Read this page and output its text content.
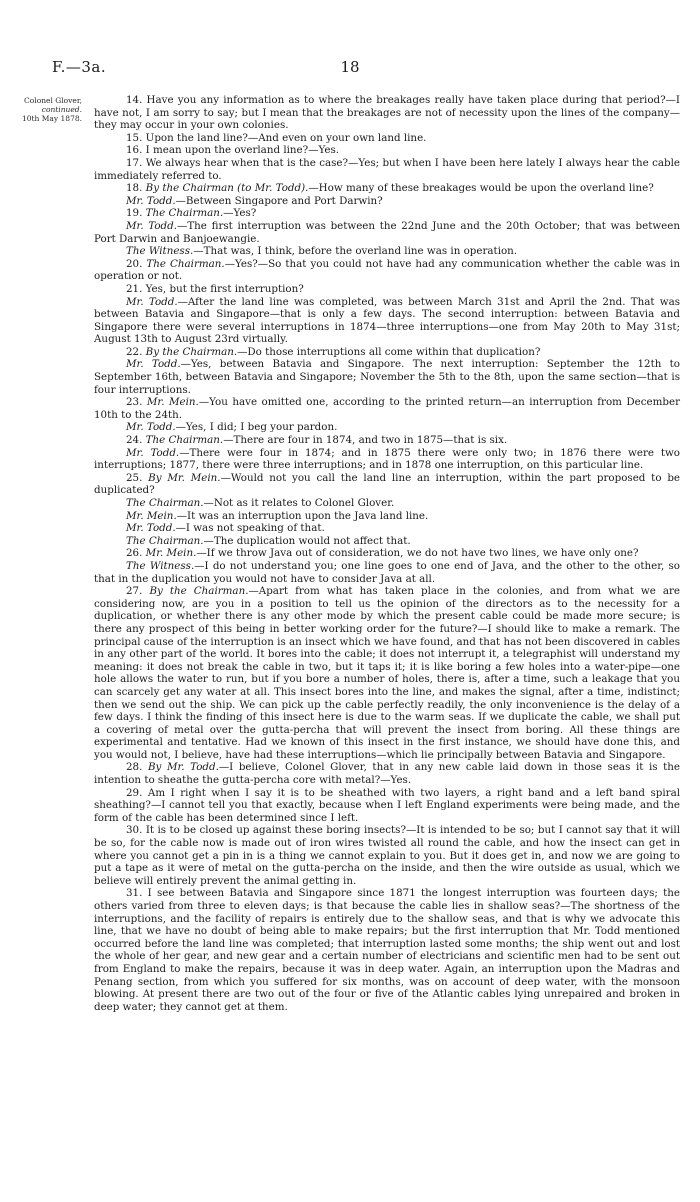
F.—3a.	18
Colonel Glover,
continued.
10th May 1878.

14. Have you any information as to where the breakages really have taken place during that period?—I have not, I am sorry to say; but I mean that the breakages are not of necessity upon the lines of the company—they may occur in your own colonies.

15. Upon the land line?—And even on your own land line.

16. I mean upon the overland line?—Yes.

17. We always hear when that is the case?—Yes; but when I have been here lately I always hear the cable immediately referred to.

18. By the Chairman (to Mr. Todd).—How many of these breakages would be upon the overland line?

Mr. Todd.—Between Singapore and Port Darwin?

19. The Chairman.—Yes?

Mr. Todd.—The first interruption was between the 22nd June and the 20th October; that was between Port Darwin and Banjoewangie.

The Witness.—That was, I think, before the overland line was in operation.

20. The Chairman.—Yes?—So that you could not have had any communication whether the cable was in operation or not.

21. Yes, but the first interruption?

Mr. Todd.—After the land line was completed, was between March 31st and April the 2nd. That was between Batavia and Singapore—that is only a few days. The second interruption: between Batavia and Singapore there were several interruptions in 1874—three interruptions—one from May 20th to May 31st; August 13th to August 23rd virtually.

22. By the Chairman.—Do those interruptions all come within that duplication?

Mr. Todd.—Yes, between Batavia and Singapore. The next interruption: September the 12th to September 16th, between Batavia and Singapore; November the 5th to the 8th, upon the same section—that is four interruptions.

23. Mr. Mein.—You have omitted one, according to the printed return—an interruption from December 10th to the 24th.

Mr. Todd.—Yes, I did; I beg your pardon.

24. The Chairman.—There are four in 1874, and two in 1875—that is six.

Mr. Todd.—There were four in 1874; and in 1875 there were only two; in 1876 there were two interruptions; 1877, there were three interruptions; and in 1878 one interruption, on this particular line.

25. By Mr. Mein.—Would not you call the land line an interruption, within the part proposed to be duplicated?

The Chairman.—Not as it relates to Colonel Glover.

Mr. Mein.—It was an interruption upon the Java land line.

Mr. Todd.—I was not speaking of that.

The Chairman.—The duplication would not affect that.

26. Mr. Mein.—If we throw Java out of consideration, we do not have two lines, we have only one?

The Witness.—I do not understand you; one line goes to one end of Java, and the other to the other, so that in the duplication you would not have to consider Java at all.

27. By the Chairman.—Apart from what has taken place in the colonies, and from what we are considering now, are you in a position to tell us the opinion of the directors as to the necessity for a duplication, or whether there is any other mode by which the present cable could be made more secure; is there any prospect of this being in better working order for the future?—I should like to make a remark. The principal cause of the interruption is an insect which we have found, and that has not been discovered in cables in any other part of the world. It bores into the cable; it does not interrupt it, a telegraphist will understand my meaning: it does not break the cable in two, but it taps it; it is like boring a few holes into a water-pipe—one hole allows the water to run, but if you bore a number of holes, there is, after a time, such a leakage that you can scarcely get any water at all. This insect bores into the line, and makes the signal, after a time, indistinct; then we send out the ship. We can pick up the cable perfectly readily, the only inconvenience is the delay of a few days. I think the finding of this insect here is due to the warm seas. If we duplicate the cable, we shall put a covering of metal over the gutta-percha that will prevent the insect from boring. All these things are experimental and tentative. Had we known of this insect in the first instance, we should have done this, and you would not, I believe, have had these interruptions—which lie principally between Batavia and Singapore.

28. By Mr. Todd.—I believe, Colonel Glover, that in any new cable laid down in those seas it is the intention to sheathe the gutta-percha core with metal?—Yes.

29. Am I right when I say it is to be sheathed with two layers, a right band and a left band spiral sheathing?—I cannot tell you that exactly, because when I left England experiments were being made, and the form of the cable has been determined since I left.

30. It is to be closed up against these boring insects?—It is intended to be so; but I cannot say that it will be so, for the cable now is made out of iron wires twisted all round the cable, and how the insect can get in where you cannot get a pin in is a thing we cannot explain to you. But it does get in, and now we are going to put a tape as it were of metal on the gutta-percha on the inside, and then the wire outside as usual, which we believe will entirely prevent the animal getting in.

31. I see between Batavia and Singapore since 1871 the longest interruption was fourteen days; the others varied from three to eleven days; is that because the cable lies in shallow seas?—The shortness of the interruptions, and the facility of repairs is entirely due to the shallow seas, and that is why we advocate this line, that we have no doubt of being able to make repairs; but the first interruption that Mr. Todd mentioned occurred before the land line was completed; that interruption lasted some months; the ship went out and lost the whole of her gear, and new gear and a certain number of electricians and scientific men had to be sent out from England to make the repairs, because it was in deep water. Again, an interruption upon the Madras and Penang section, from which you suffered for six months, was on account of deep water, with the monsoon blowing. At present there are two out of the four or five of the Atlantic cables lying unrepaired and broken in deep water; they cannot get at them.
